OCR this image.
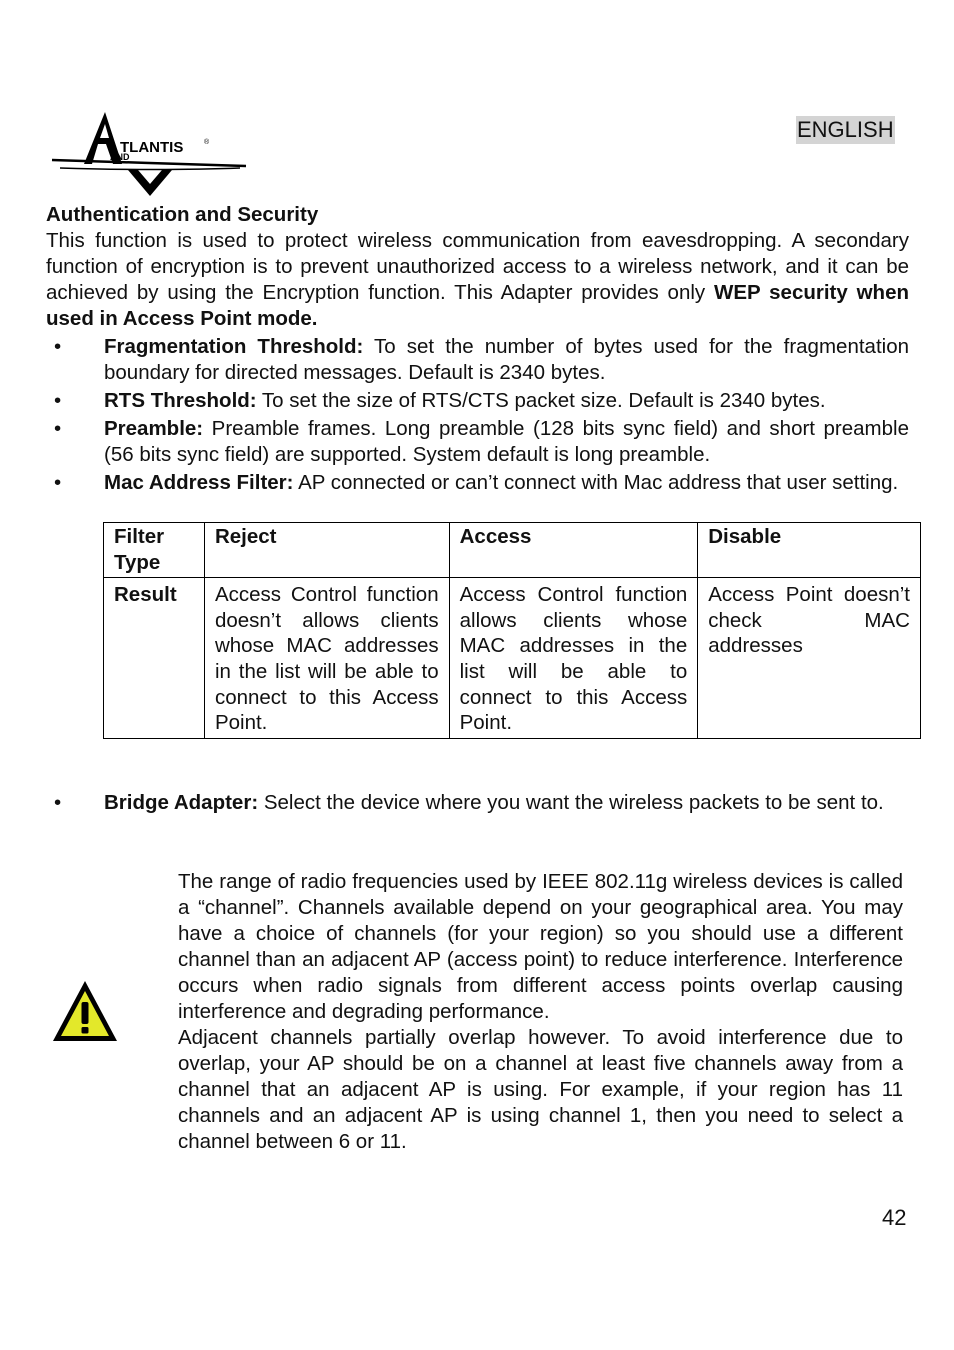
TLANTIS	®
AND
ENGLISH
Authentication and Security
This function is used to protect wireless communication from eavesdropping. A secondary function of encryption is to prevent unauthorized access to a wireless network, and it can be achieved by using the Encryption function. This Adapter provides only WEP security when used in Access Point mode.
• Fragmentation Threshold: To set the number of bytes used for the fragmentation boundary for directed messages. Default is 2340 bytes.
• RTS Threshold: To set the size of RTS/CTS packet size. Default is 2340 bytes.
• Preamble: Preamble frames. Long preamble (128 bits sync field) and short preamble (56 bits sync field) are supported. System default is long preamble.
• Mac Address Filter: AP connected or can’t connect with Mac address that user setting.
Filter Type	Reject	Access	Disable
Result	Access Control function doesn’t allows clients whose MAC addresses in the list will be able to connect to this Access Point.	Access Control function allows clients whose MAC addresses in the list will be able to connect to this Access Point.	Access Point doesn’t check MAC addresses
• Bridge Adapter: Select the device where you want the wireless packets to be sent to.
The range of radio frequencies used by IEEE 802.11g wireless devices is called a “channel”. Channels available depend on your geographical area. You may have a choice of channels (for your region) so you should use a different channel than an adjacent AP (access point) to reduce interference. Interference occurs when radio signals from different access points overlap causing interference and degrading performance.
Adjacent channels partially overlap however. To avoid interference due to overlap, your AP should be on a channel at least five channels away from a channel that an adjacent AP is using. For example, if your region has 11 channels and an adjacent AP is using channel 1, then you need to select a channel between 6 or 11.
42
